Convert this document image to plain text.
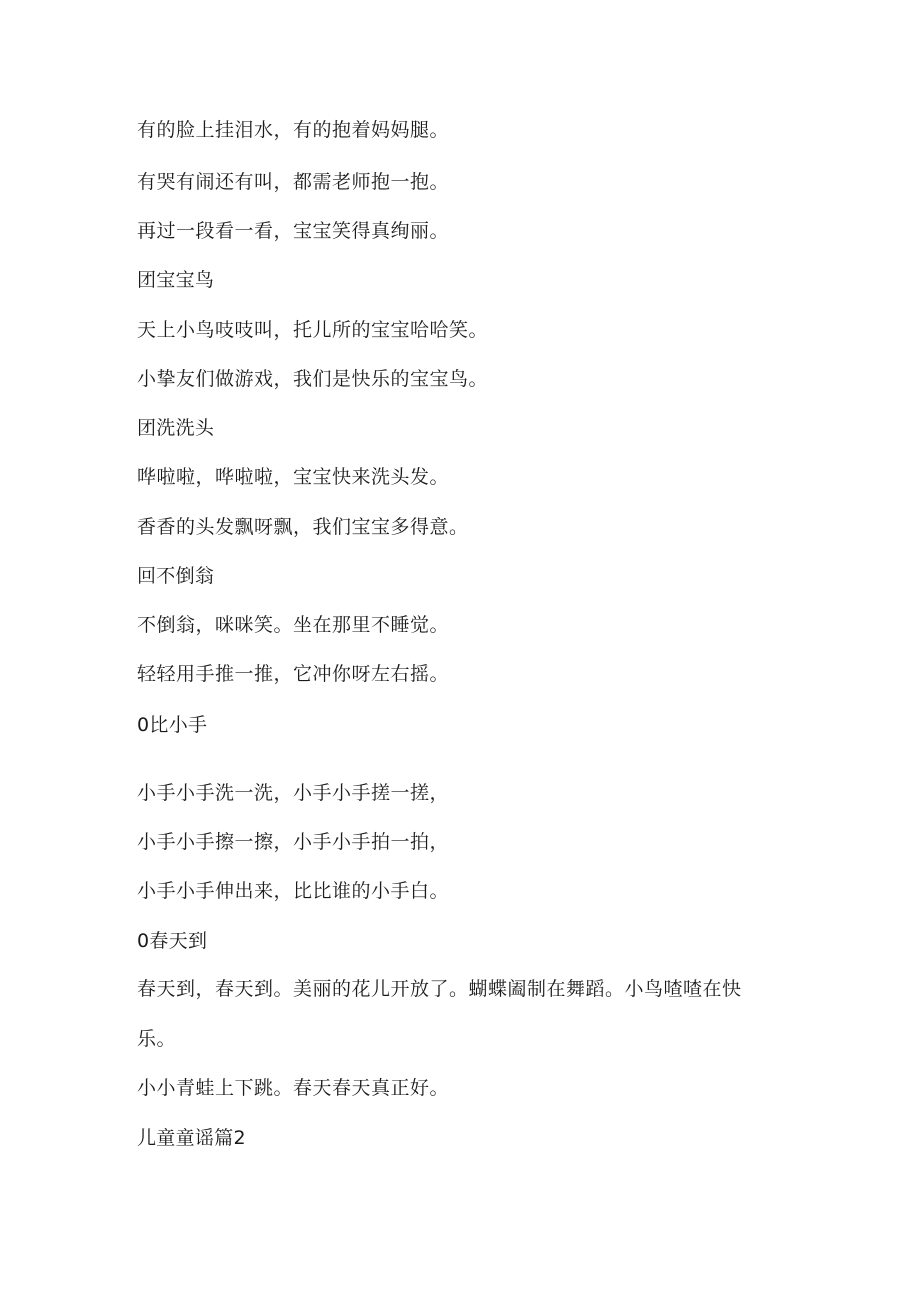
有的脸上挂泪水，有的抱着妈妈腿。

有哭有闹还有叫，都需老师抱一抱。

再过一段看一看，宝宝笑得真绚丽。

团宝宝鸟

天上小鸟吱吱叫，托儿所的宝宝哈哈笑。

小挚友们做游戏，我们是快乐的宝宝鸟。

团洗洗头

哗啦啦，哗啦啦，宝宝快来洗头发。

香香的头发飘呀飘，我们宝宝多得意。

回不倒翁

不倒翁，咪咪笑。坐在那里不睡觉。

轻轻用手推一推，它冲你呀左右摇。

0比小手

小手小手洗一洗，小手小手搓一搓，

小手小手擦一擦，小手小手拍一拍，

小手小手伸出来，比比谁的小手白。

0春天到

春天到，春天到。美丽的花儿开放了。蝴蝶阖制在舞蹈。小鸟喳喳在快

乐。

小小青蛙上下跳。春天春天真正好。

儿童童谣篇2
